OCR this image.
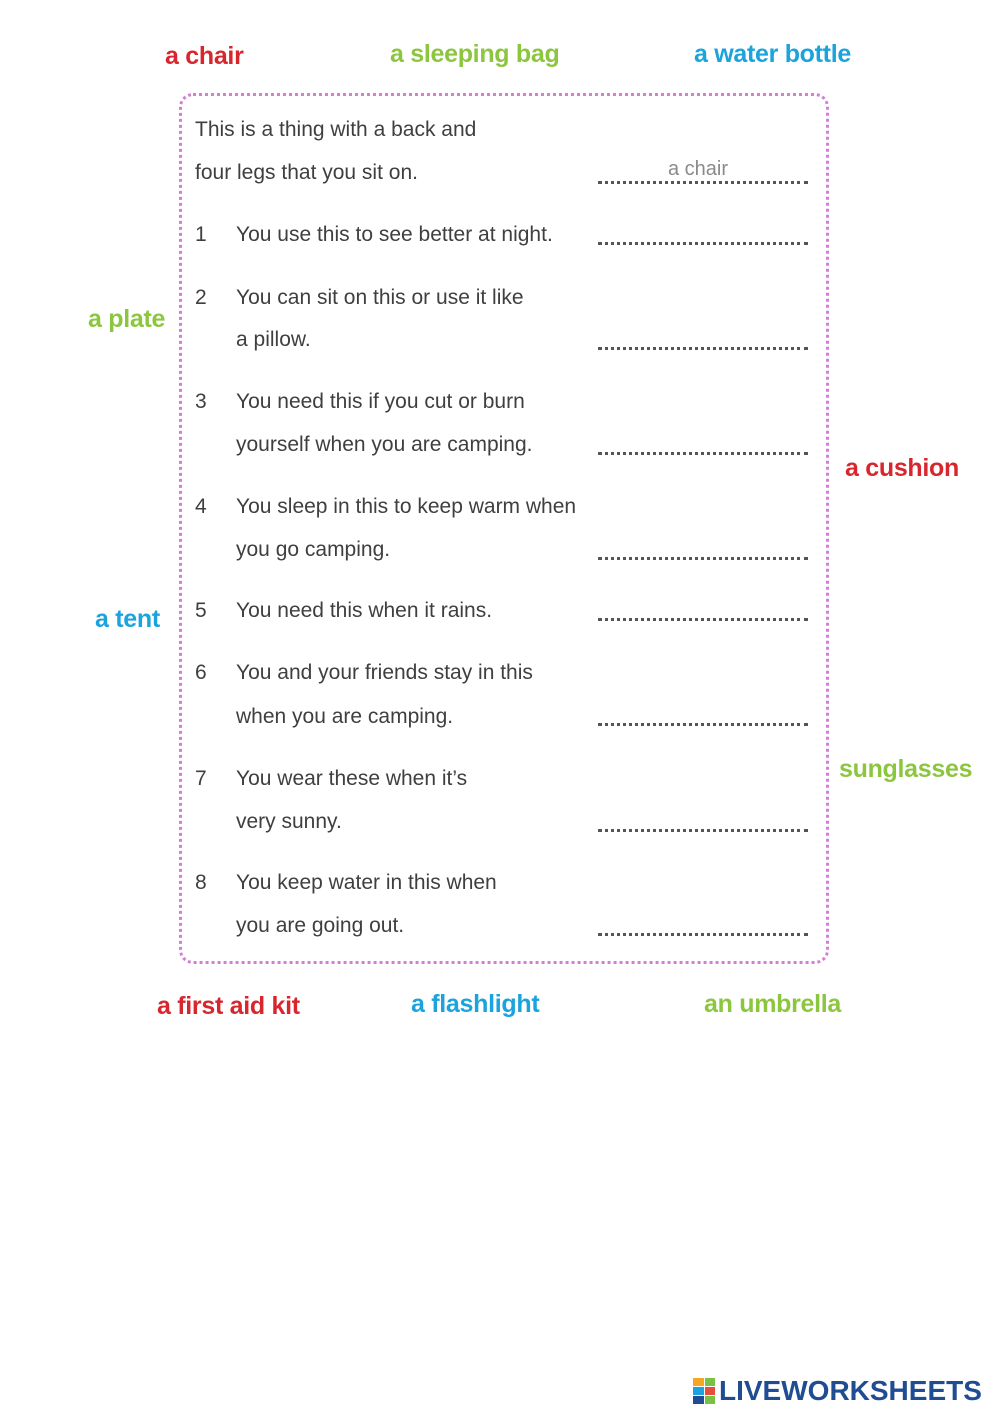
a chair	a sleeping bag	a water bottle
a plate
a cushion
a tent
sunglasses
a first aid kit	a flashlight	an umbrella
This is a thing with a back and
four legs that you sit on.	a chair
1 You use this to see better at night.
2 You can sit on this or use it like
a pillow.
3 You need this if you cut or burn
yourself when you are camping.
4 You sleep in this to keep warm when
you go camping.
5 You need this when it rains.
6 You and your friends stay in this
when you are camping.
7 You wear these when it’s
very sunny.
8 You keep water in this when
you are going out.
LIVEWORKSHEETS
